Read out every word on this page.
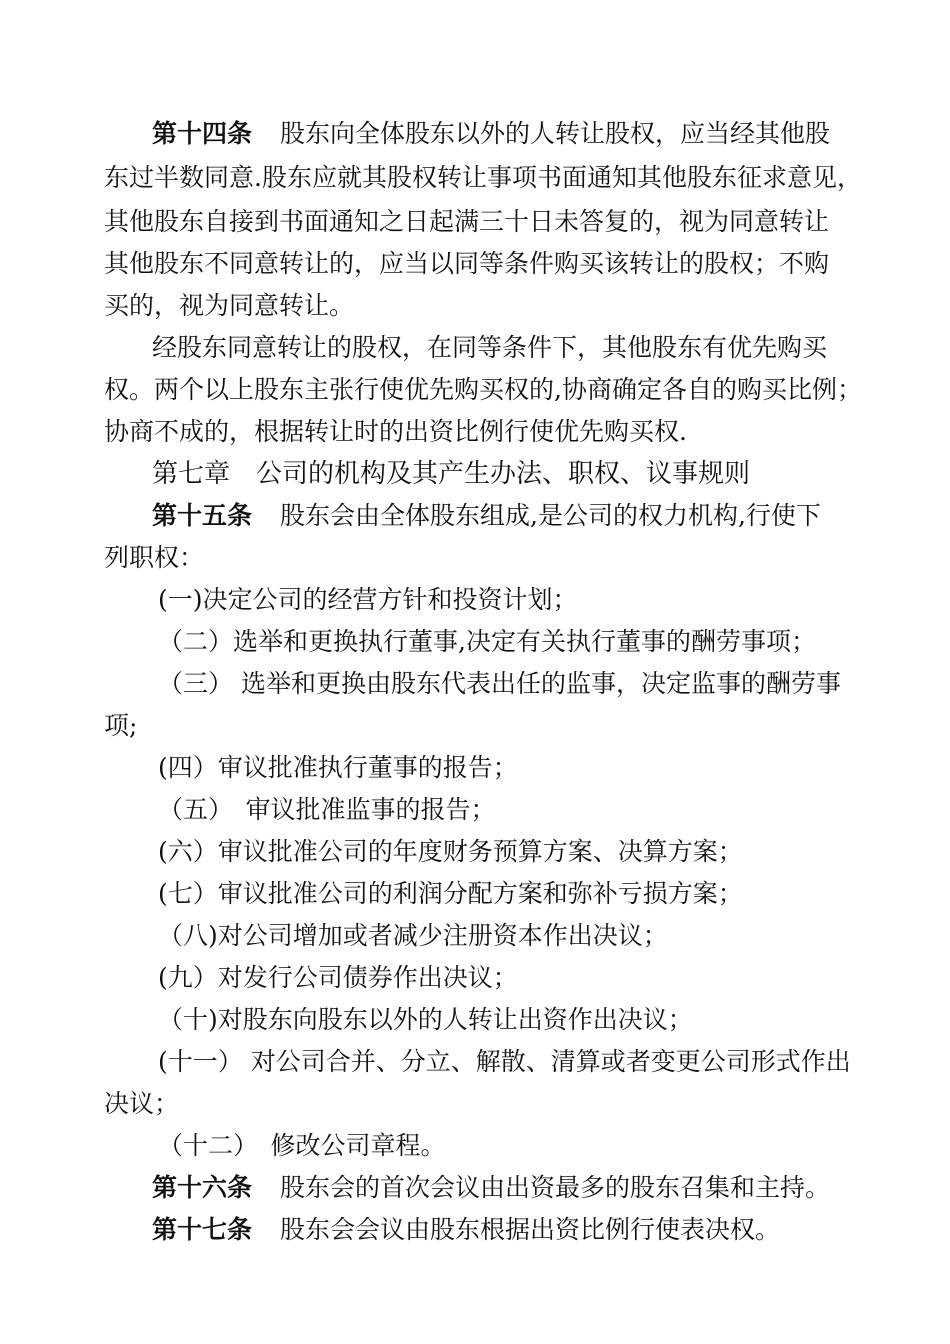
第十四条 股东向全体股东以外的人转让股权，应当经其他股
东过半数同意.股东应就其股权转让事项书面通知其他股东征求意见，
其他股东自接到书面通知之日起满三十日未答复的，视为同意转让
其他股东不同意转让的，应当以同等条件购买该转让的股权；不购
买的，视为同意转让。
经股东同意转让的股权，在同等条件下，其他股东有优先购买
权。两个以上股东主张行使优先购买权的,协商确定各自的购买比例；
协商不成的，根据转让时的出资比例行使优先购买权.
第七章　公司的机构及其产生办法、职权、议事规则
第十五条 股东会由全体股东组成,是公司的权力机构,行使下
列职权：
(一)决定公司的经营方针和投资计划；
（二）选举和更换执行董事,决定有关执行董事的酬劳事项；
（三） 选举和更换由股东代表出任的监事，决定监事的酬劳事
项;
(四）审议批准执行董事的报告；
（五）　审议批准监事的报告；
(六）审议批准公司的年度财务预算方案、决算方案；
(七）审议批准公司的利润分配方案和弥补亏损方案；
（八)对公司增加或者减少注册资本作出决议；
(九）对发行公司债券作出决议；
（十)对股东向股东以外的人转让出资作出决议；
(十一） 对公司合并、分立、解散、清算或者变更公司形式作出
决议；
（十二）　修改公司章程。
第十六条 股东会的首次会议由出资最多的股东召集和主持。
第十七条 股东会会议由股东根据出资比例行使表决权。
